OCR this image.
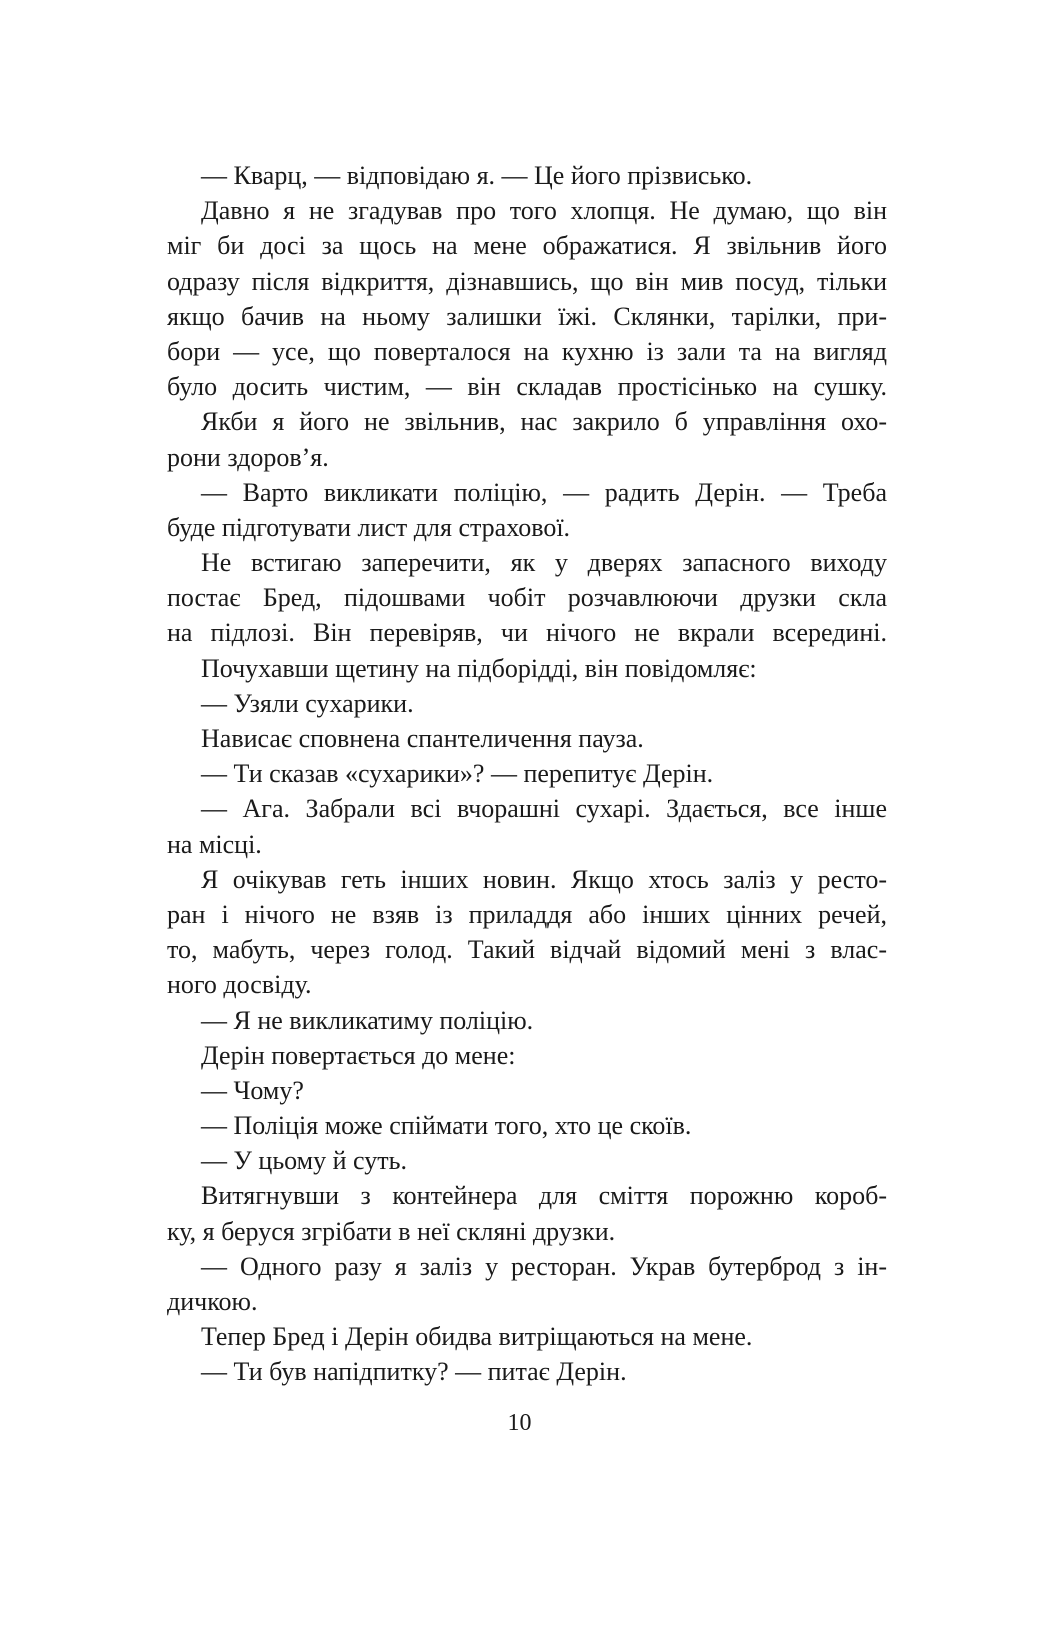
— Кварц, — відповідаю я. — Це його прізвисько.
Давно я не згадував про того хлопця. Не думаю, що він
міг би досі за щось на мене ображатися. Я звільнив його
одразу після відкриття, дізнавшись, що він мив посуд, тільки
якщо бачив на ньому залишки їжі. Склянки, тарілки, при-
бори — усе, що поверталося на кухню із зали та на вигляд
було досить чистим, — він складав простісінько на сушку.
Якби я його не звільнив, нас закрило б управління охо-
рони здоров’я.
— Варто викликати поліцію, — радить Дерін. — Треба
буде підготувати лист для страхової.
Не встигаю заперечити, як у дверях запасного виходу
постає Бред, підошвами чобіт розчавлюючи друзки скла
на підлозі. Він перевіряв, чи нічого не вкрали всередині.
Почухавши щетину на підборідді, він повідомляє:
— Узяли сухарики.
Нависає сповнена спантеличення пауза.
— Ти сказав «сухарики»? — перепитує Дерін.
— Ага. Забрали всі вчорашні сухарі. Здається, все інше
на місці.
Я очікував геть інших новин. Якщо хтось заліз у ресто-
ран і нічого не взяв із приладдя або інших цінних речей,
то, мабуть, через голод. Такий відчай відомий мені з влас-
ного досвіду.
— Я не викликатиму поліцію.
Дерін повертається до мене:
— Чому?
— Поліція може спіймати того, хто це скоїв.
— У цьому й суть.
Витягнувши з контейнера для сміття порожню короб-
ку, я беруся згрібати в неї скляні друзки.
— Одного разу я заліз у ресторан. Украв бутерброд з ін-
дичкою.
Тепер Бред і Дерін обидва витріщаються на мене.
— Ти був напідпитку? — питає Дерін.
10
